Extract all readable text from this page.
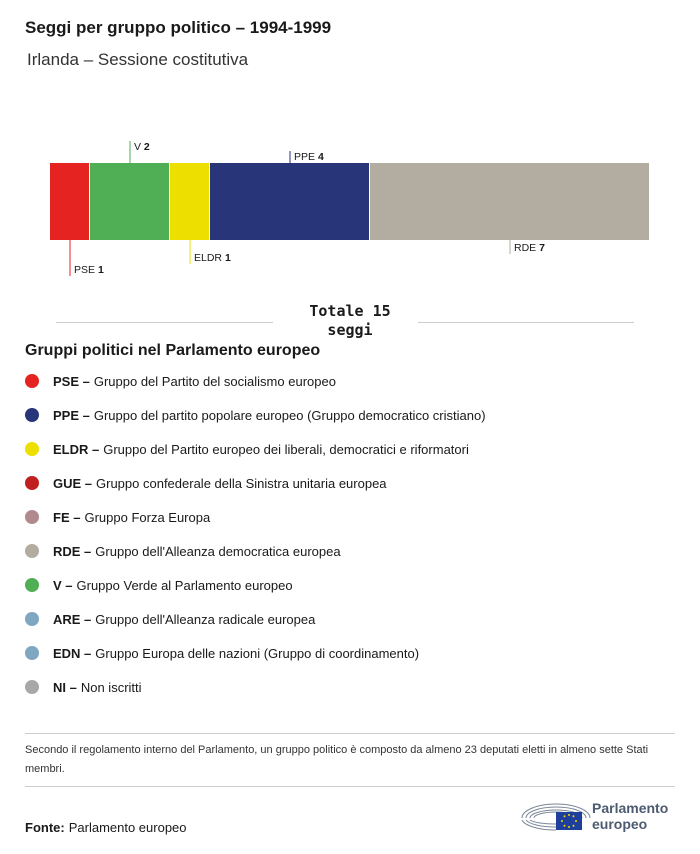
Seggi per gruppo politico – 1994-1999
Irlanda – Sessione costitutiva
PSE 1
V 2
ELDR 1
PPE 4
RDE 7
Totale 15
seggi
Gruppi politici nel Parlamento europeo
PSE – Gruppo del Partito del socialismo europeo
PPE – Gruppo del partito popolare europeo (Gruppo democratico cristiano)
ELDR – Gruppo del Partito europeo dei liberali, democratici e riformatori
GUE – Gruppo confederale della Sinistra unitaria europea
FE – Gruppo Forza Europa
RDE – Gruppo dell'Alleanza democratica europea
V – Gruppo Verde al Parlamento europeo
ARE – Gruppo dell'Alleanza radicale europea
EDN – Gruppo Europa delle nazioni (Gruppo di coordinamento)
NI – Non iscritti
Secondo il regolamento interno del Parlamento, un gruppo politico è composto da almeno 23 deputati eletti in almeno sette Stati membri.
Fonte: Parlamento europeo
Parlamento
europeo
